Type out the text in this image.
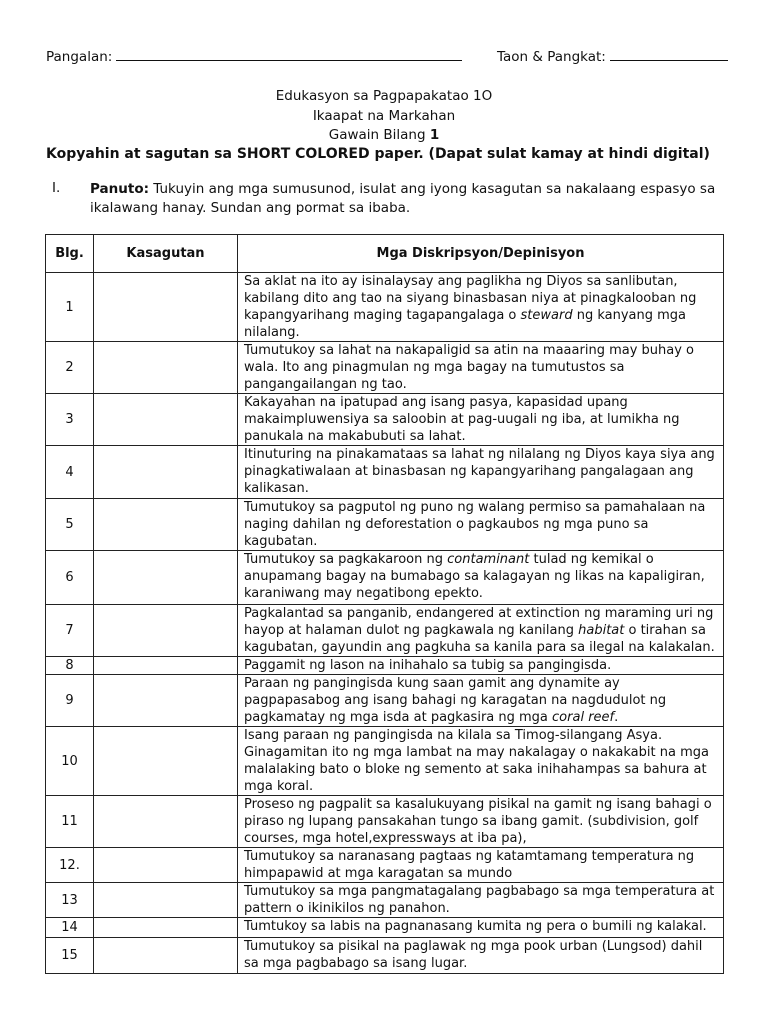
Pangalan:	Taon & Pangkat:
Edukasyon sa Pagpapakatao 1O
Ikaapat na Markahan
Gawain Bilang 1
Kopyahin at sagutan sa SHORT COLORED paper. (Dapat sulat kamay at hindi digital)
I. Panuto: Tukuyin ang mga sumusunod, isulat ang iyong kasagutan sa nakalaang espasyo sa ikalawang hanay. Sundan ang pormat sa ibaba.
Blg.	Kasagutan	Mga Diskripsyon/Depinisyon
1		Sa aklat na ito ay isinalaysay ang paglikha ng Diyos sa sanlibutan, kabilang dito ang tao na siyang binasbasan niya at pinagkalooban ng kapangyarihang maging tagapangalaga o steward ng kanyang mga nilalang.

2		Tumutukoy sa lahat na nakapaligid sa atin na maaaring may buhay o wala. Ito ang pinagmulan ng mga bagay na tumutustos sa pangangailangan ng tao.

3		Kakayahan na ipatupad ang isang pasya, kapasidad upang makaimpluwensiya sa saloobin at pag-uugali ng iba, at lumikha ng panukala na makabubuti sa lahat.

4		Itinuturing na pinakamataas sa lahat ng nilalang ng Diyos kaya siya ang pinagkatiwalaan at binasbasan ng kapangyarihang pangalagaan ang kalikasan.

5		Tumutukoy sa pagputol ng puno ng walang permiso sa pamahalaan na naging dahilan ng deforestation o pagkaubos ng mga puno sa kagubatan.

6		Tumutukoy sa pagkakaroon ng contaminant tulad ng kemikal o anupamang bagay na bumabago sa kalagayan ng likas na kapaligiran, karaniwang may negatibong epekto.

7		Pagkalantad sa panganib, endangered at extinction ng maraming uri ng hayop at halaman dulot ng pagkawala ng kanilang habitat o tirahan sa kagubatan, gayundin ang pagkuha sa kanila para sa ilegal na kalakalan.

8		Paggamit ng lason na inihahalo sa tubig sa pangingisda.

9		Paraan ng pangingisda kung saan gamit ang dynamite ay pagpapasabog ang isang bahagi ng karagatan na nagdudulot ng pagkamatay ng mga isda at pagkasira ng mga coral reef.

10		Isang paraan ng pangingisda na kilala sa Timog-silangang Asya. Ginagamitan ito ng mga lambat na may nakalagay o nakakabit na mga malalaking bato o bloke ng semento at saka inihahampas sa bahura at mga koral.

11		Proseso ng pagpalit sa kasalukuyang pisikal na gamit ng isang bahagi o piraso ng lupang pansakahan tungo sa ibang gamit. (subdivision, golf courses, mga hotel,expressways at iba pa),

12.		Tumutukoy sa naranasang pagtaas ng katamtamang temperatura ng himpapawid at mga karagatan sa mundo

13		Tumutukoy sa mga pangmatagalang pagbabago sa mga temperatura at pattern o ikinikilos ng panahon.

14		Tumtukoy sa labis na pagnanasang kumita ng pera o bumili ng kalakal.

15		Tumutukoy sa pisikal na paglawak ng mga pook urban (Lungsod) dahil sa mga pagbabago sa isang lugar.
